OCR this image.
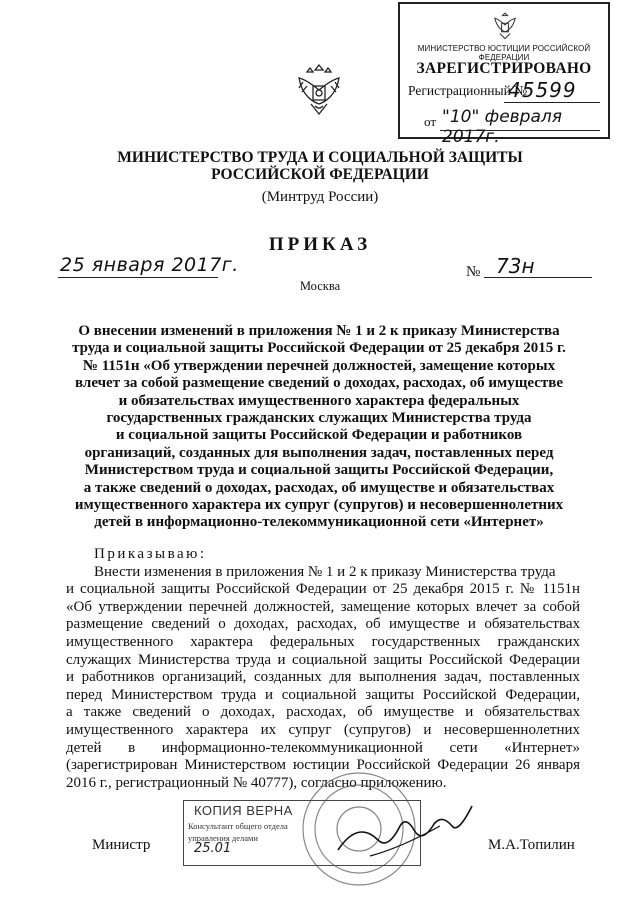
МИНИСТЕРСТВО ЮСТИЦИИ РОССИЙСКОЙ ФЕДЕРАЦИИ
ЗАРЕГИСТРИРОВАНО
Регистрационный №
45599
от "10" февраля 2017г.
МИНИСТЕРСТВО ТРУДА И СОЦИАЛЬНОЙ ЗАЩИТЫ
РОССИЙСКОЙ ФЕДЕРАЦИИ
(Минтруд России)
ПРИКАЗ
25 января 2017г.	№ 73н
Москва
О внесении изменений в приложения № 1 и 2 к приказу Министерства
труда и социальной защиты Российской Федерации от 25 декабря 2015 г.
№ 1151н «Об утверждении перечней должностей, замещение которых
влечет за собой размещение сведений о доходах, расходах, об имуществе
и обязательствах имущественного характера федеральных
государственных гражданских служащих Министерства труда
и социальной защиты Российской Федерации и работников
организаций, созданных для выполнения задач, поставленных перед
Министерством труда и социальной защиты Российской Федерации,
а также сведений о доходах, расходах, об имуществе и обязательствах
имущественного характера их супруг (супругов) и несовершеннолетних
детей в информационно-телекоммуникационной сети «Интернет»
Приказываю:
Внести изменения в приложения № 1 и 2 к приказу Министерства труда
и социальной защиты Российской Федерации от 25 декабря 2015 г. № 1151н
«Об утверждении перечней должностей, замещение которых влечет за собой
размещение сведений о доходах, расходах, об имуществе и обязательствах
имущественного характера федеральных государственных гражданских
служащих Министерства труда и социальной защиты Российской Федерации
и работников организаций, созданных для выполнения задач, поставленных
перед Министерством труда и социальной защиты Российской Федерации,
а также сведений о доходах, расходах, об имуществе и обязательствах
имущественного характера их супруг (супругов) и несовершеннолетних
детей в информационно-телекоммуникационной сети «Интернет»
(зарегистрирован Министерством юстиции Российской Федерации 26 января
2016 г., регистрационный № 40777), согласно приложению.
КОПИЯ ВЕРНА
Консультант общего отдела
управления делами
25.01
Министр	М.А.Топилин
